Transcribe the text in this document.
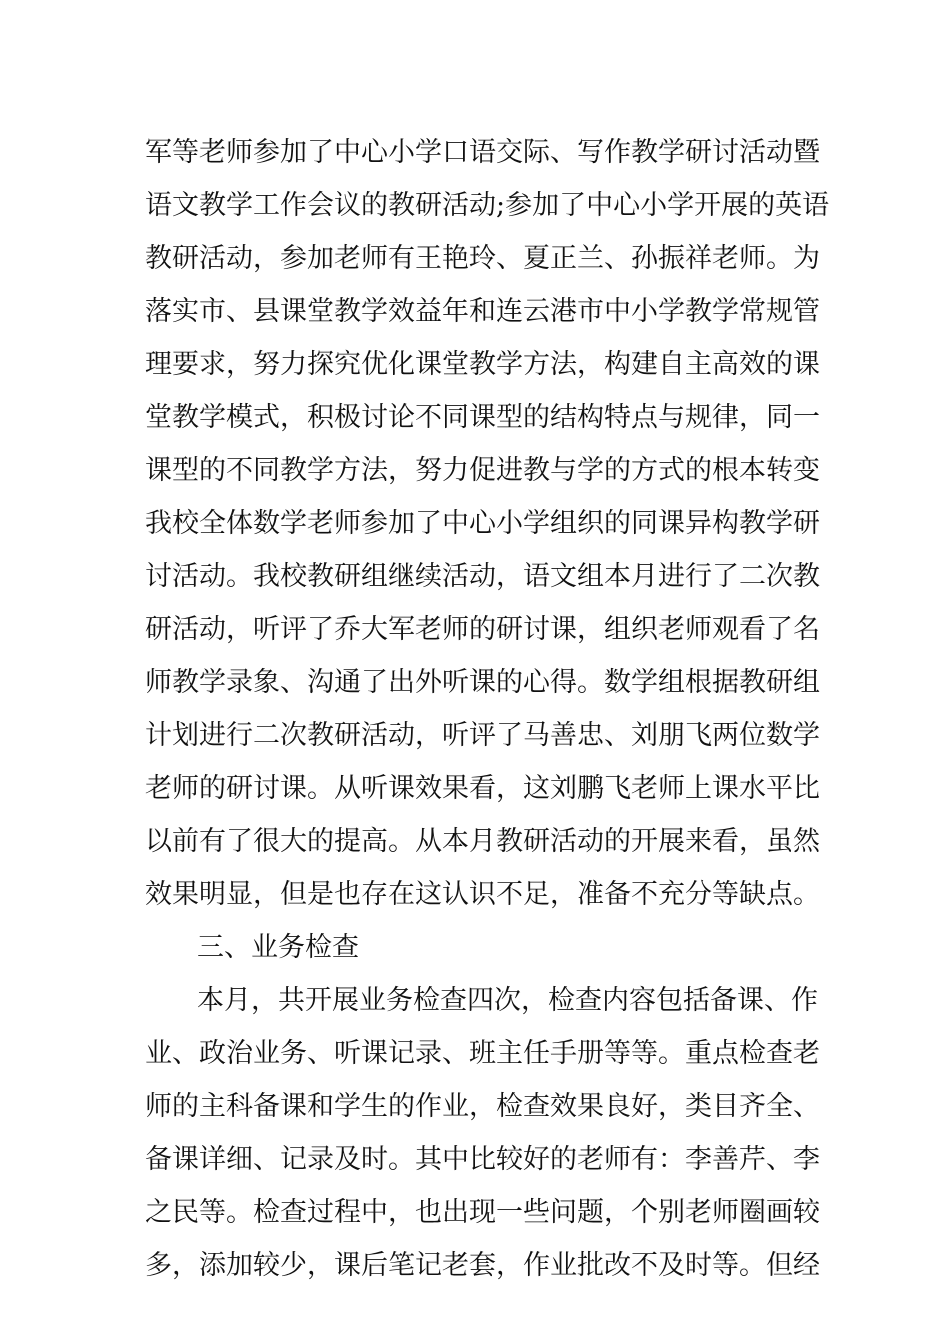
军等老师参加了中心小学口语交际、写作教学研讨活动暨
语文教学工作会议的教研活动;参加了中心小学开展的英语
教研活动，参加老师有王艳玲、夏正兰、孙振祥老师。为
落实市、县课堂教学效益年和连云港市中小学教学常规管
理要求，努力探究优化课堂教学方法，构建自主高效的课
堂教学模式，积极讨论不同课型的结构特点与规律，同一
课型的不同教学方法，努力促进教与学的方式的根本转变
我校全体数学老师参加了中心小学组织的同课异构教学研
讨活动。我校教研组继续活动，语文组本月进行了二次教
研活动，听评了乔大军老师的研讨课，组织老师观看了名
师教学录象、沟通了出外听课的心得。数学组根据教研组
计划进行二次教研活动，听评了马善忠、刘朋飞两位数学
老师的研讨课。从听课效果看，这刘鹏飞老师上课水平比
以前有了很大的提高。从本月教研活动的开展来看，虽然
效果明显，但是也存在这认识不足，准备不充分等缺点。
三、业务检查
本月，共开展业务检查四次，检查内容包括备课、作
业、政治业务、听课记录、班主任手册等等。重点检查老
师的主科备课和学生的作业，检查效果良好，类目齐全、
备课详细、记录及时。其中比较好的老师有：李善芹、李
之民等。检查过程中，也出现一些问题，个别老师圈画较
多，添加较少，课后笔记老套，作业批改不及时等。但经
